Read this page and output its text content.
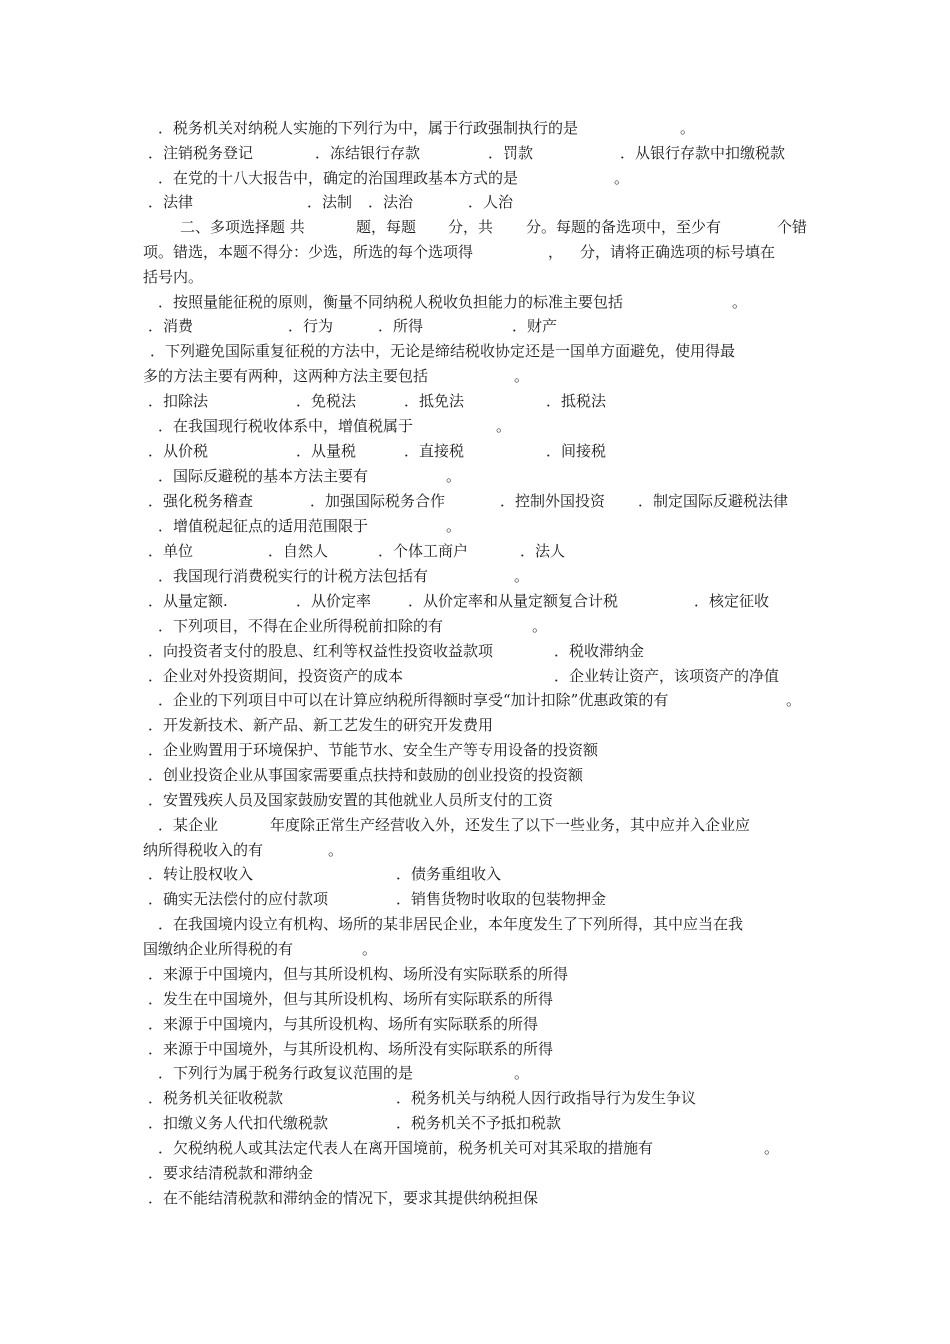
．税务机关对纳税人实施的下列行为中，属于行政强制执行的是	。
．注销税务登记	．冻结银行存款	．罚款	．从银行存款中扣缴税款
．在党的十八大报告中，确定的治国理政基本方式的是	。
．法律	．法制 ．法治	．人治
二、多项选择题 共	题，每题 分，共 分。每题的备选项中，至少有	个错
项。错选，本题不得分：少选，所选的每个选项得	， 分，请将正确选项的标号填在
括号内。
．按照量能征税的原则，衡量不同纳税人税收负担能力的标准主要包括	。
．消费	．行为	．所得	．财产
．下列避免国际重复征税的方法中，无论是缔结税收协定还是一国单方面避免，使用得最
多的方法主要有两种，这两种方法主要包括	。
．扣除法	．免税法	．抵免法	．抵税法
．在我国现行税收体系中，增值税属于	。
．从价税	．从量税	．直接税	．间接税
．国际反避税的基本方法主要有	。
．强化税务稽查	．加强国际税务合作	．控制外国投资 ．制定国际反避税法律
．增值税起征点的适用范围限于	。
．单位	．自然人	．个体工商户	．法人
．我国现行消费税实行的计税方法包括有	。
．从量定额.	．从价定率 ．从价定率和从量定额复合计税	．核定征收
．下列项目，不得在企业所得税前扣除的有	。
．向投资者支付的股息、红利等权益性投资收益款项	．税收滞纳金
．企业对外投资期间，投资资产的成本	．企业转让资产，该项资产的净值
．企业的下列项目中可以在计算应纳税所得额时享受“加计扣除”优惠政策的有	。
．开发新技术、新产品、新工艺发生的研究开发费用
．企业购置用于环境保护、节能节水、安全生产等专用设备的投资额
．创业投资企业从事国家需要重点扶持和鼓励的创业投资的投资额
．安置残疾人员及国家鼓励安置的其他就业人员所支付的工资
．某企业	年度除正常生产经营收入外，还发生了以下一些业务，其中应并入企业应
纳所得税收入的有	。
．转让股权收入	．债务重组收入
．确实无法偿付的应付款项	．销售货物时收取的包装物押金
．在我国境内设立有机构、场所的某非居民企业，本年度发生了下列所得，其中应当在我
国缴纳企业所得税的有	。
．来源于中国境内，但与其所设机构、场所没有实际联系的所得
．发生在中国境外，但与其所设机构、场所有实际联系的所得
．来源于中国境内，与其所设机构、场所有实际联系的所得
．来源于中国境外，与其所设机构、场所没有实际联系的所得
．下列行为属于税务行政复议范围的是	。
．税务机关征收税款	．税务机关与纳税人因行政指导行为发生争议
．扣缴义务人代扣代缴税款	．税务机关不予抵扣税款
．欠税纳税人或其法定代表人在离开国境前，税务机关可对其采取的措施有	。
．要求结清税款和滞纳金
．在不能结清税款和滞纳金的情况下，要求其提供纳税担保
